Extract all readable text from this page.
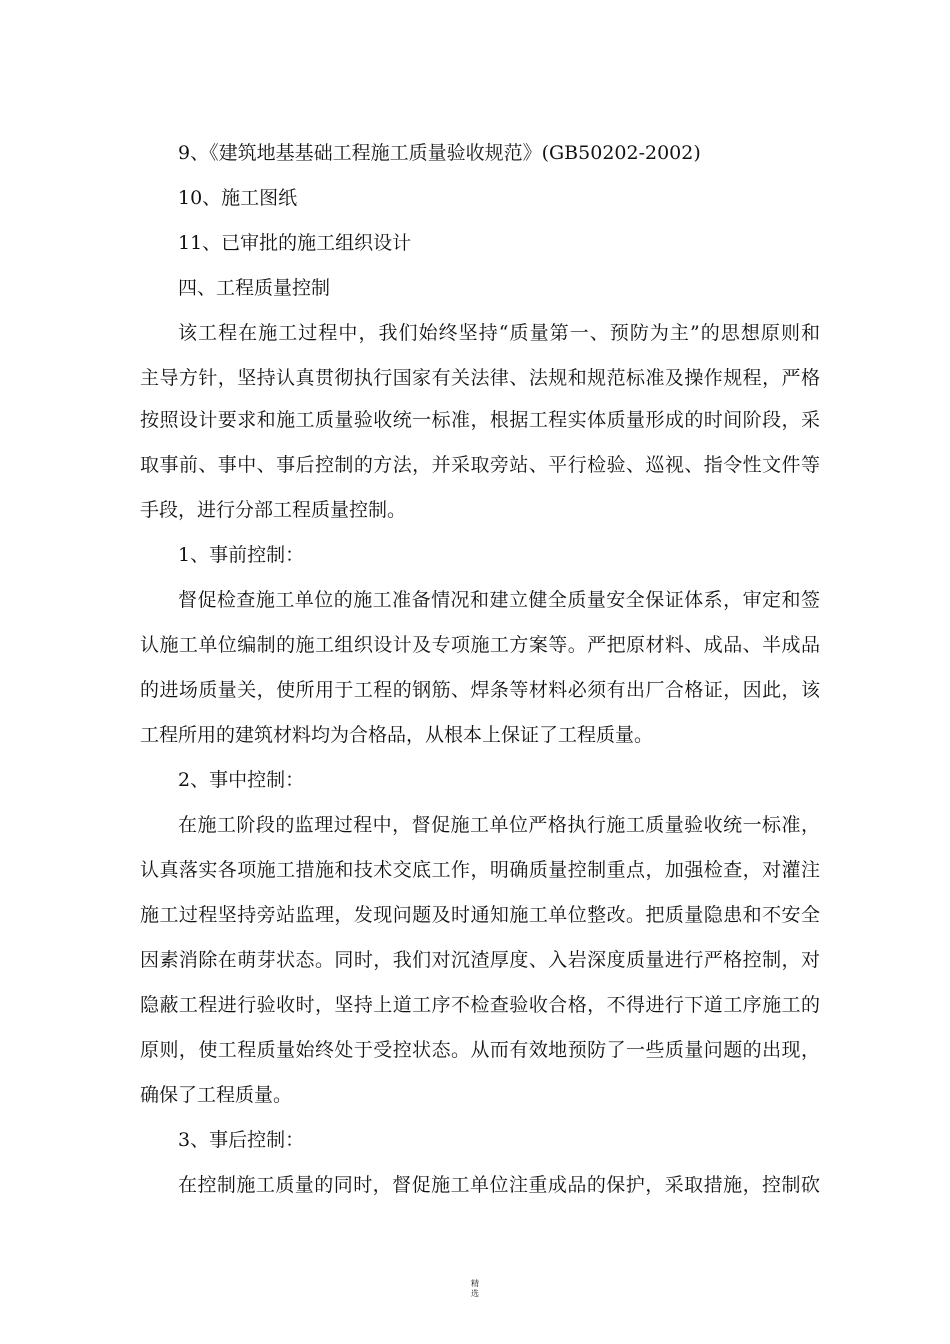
9、《建筑地基基础工程施工质量验收规范》(GB50202-2002)
10、施工图纸
11、已审批的施工组织设计
四、工程质量控制
该工程在施工过程中，我们始终坚持“质量第一、预防为主”的思想原则和
主导方针，坚持认真贯彻执行国家有关法律、法规和规范标准及操作规程，严格
按照设计要求和施工质量验收统一标准，根据工程实体质量形成的时间阶段，采
取事前、事中、事后控制的方法，并采取旁站、平行检验、巡视、指令性文件等
手段，进行分部工程质量控制。
1、事前控制：
督促检查施工单位的施工准备情况和建立健全质量安全保证体系，审定和签
认施工单位编制的施工组织设计及专项施工方案等。严把原材料、成品、半成品
的进场质量关，使所用于工程的钢筋、焊条等材料必须有出厂合格证，因此，该
工程所用的建筑材料均为合格品，从根本上保证了工程质量。
2、事中控制：
在施工阶段的监理过程中，督促施工单位严格执行施工质量验收统一标准，
认真落实各项施工措施和技术交底工作，明确质量控制重点，加强检查，对灌注
施工过程坚持旁站监理，发现问题及时通知施工单位整改。把质量隐患和不安全
因素消除在萌芽状态。同时，我们对沉渣厚度、入岩深度质量进行严格控制，对
隐蔽工程进行验收时，坚持上道工序不检查验收合格，不得进行下道工序施工的
原则，使工程质量始终处于受控状态。从而有效地预防了一些质量问题的出现，
确保了工程质量。
3、事后控制：
在控制施工质量的同时，督促施工单位注重成品的保护，采取措施，控制砍
精
选
